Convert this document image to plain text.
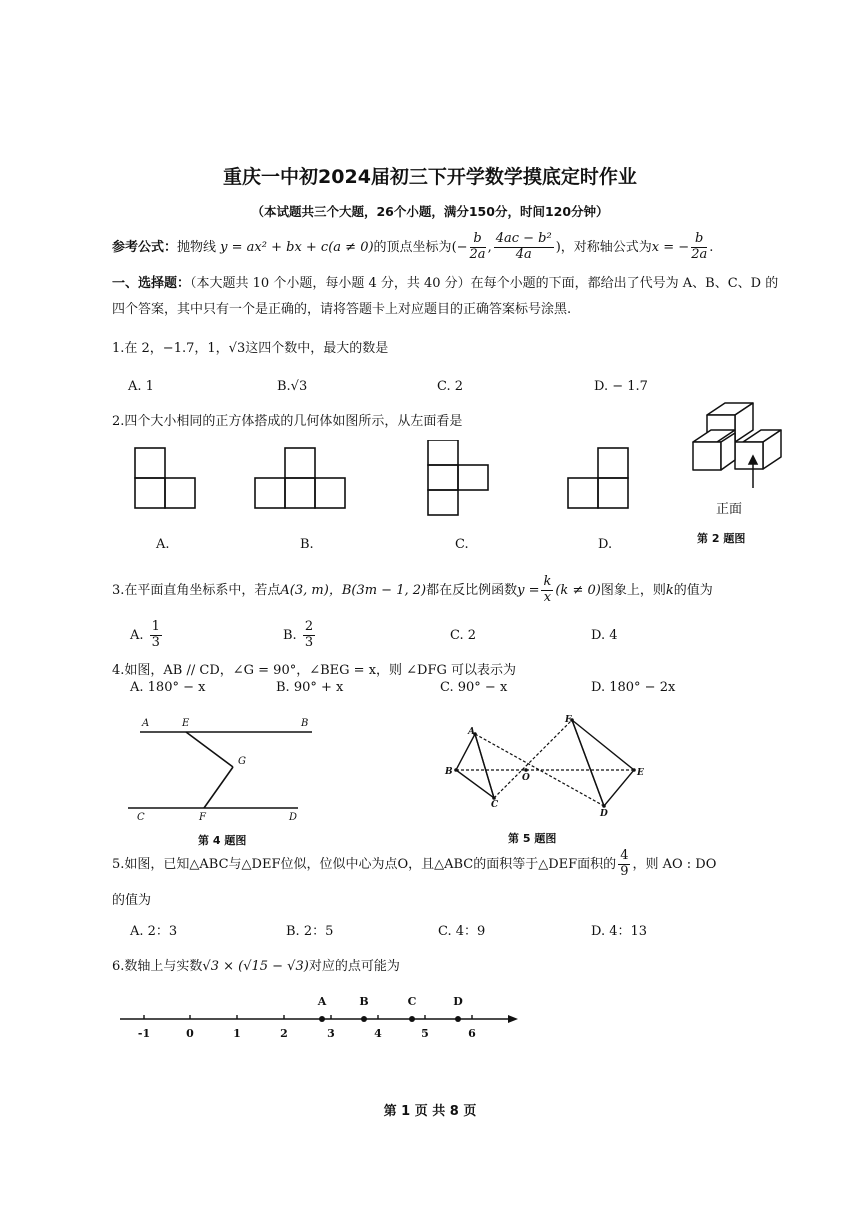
重庆一中初2024届初三下开学数学摸底定时作业
（本试题共三个大题，26个小题，满分150分，时间120分钟）
参考公式：抛物线 y = ax² + bx + c(a ≠ 0)的顶点坐标为(− $\frac{b}{2a}$ , $\frac{\text{4ac − b²}}{4a}$ )，对称轴公式为x = − $\frac{b}{2a}$ .
一、选择题：（本大题共 10 个小题，每小题 4 分，共 40 分）在每个小题的下面，都给出了代号为 A、B、C、D 的
四个答案，其中只有一个是正确的，请将答题卡上对应题目的正确答案标号涂黑.
1.在 2，−1.7，1，√3这四个数中，最大的数是
A. 1	B.√3	C. 2	D. − 1.7
2.四个大小相同的正方体搭成的几何体如图所示，从左面看是
正面
A.	B.	C.	D.	第 2 题图
3.在平面直角坐标系中，若点A(3, m)，B(3m − 1, 2)都在反比例函数$y = \frac{k}{x} (k \ne 0)$图象上，则k的值为
A. $\frac{1}{3}$	B. $\frac{2}{3}$	C. 2	D. 4
4.如图，AB // CD，∠G = 90°，∠BEG = x，则 ∠DFG 可以表示为
A. 180° − x	B. 90° + x	C. 90° − x	D. 180° − 2x
A	E	B
G
C	F	D
第 4 题图
A
B
C
O
F
E
D
第 5 题图
5.如图，已知△ABC与△DEF位似，位似中心为点O，且△ABC的面积等于△DEF面积的 $\frac{4}{9}$ ，则 AO : DO
的值为
A. 2：3	B. 2：5	C. 4：9	D. 4：13
6.数轴上与实数√3 × (√15 − √3)对应的点可能为
-1	0	1	2	3	4	5	6
A	B	C	D
第 1 页 共 8 页
